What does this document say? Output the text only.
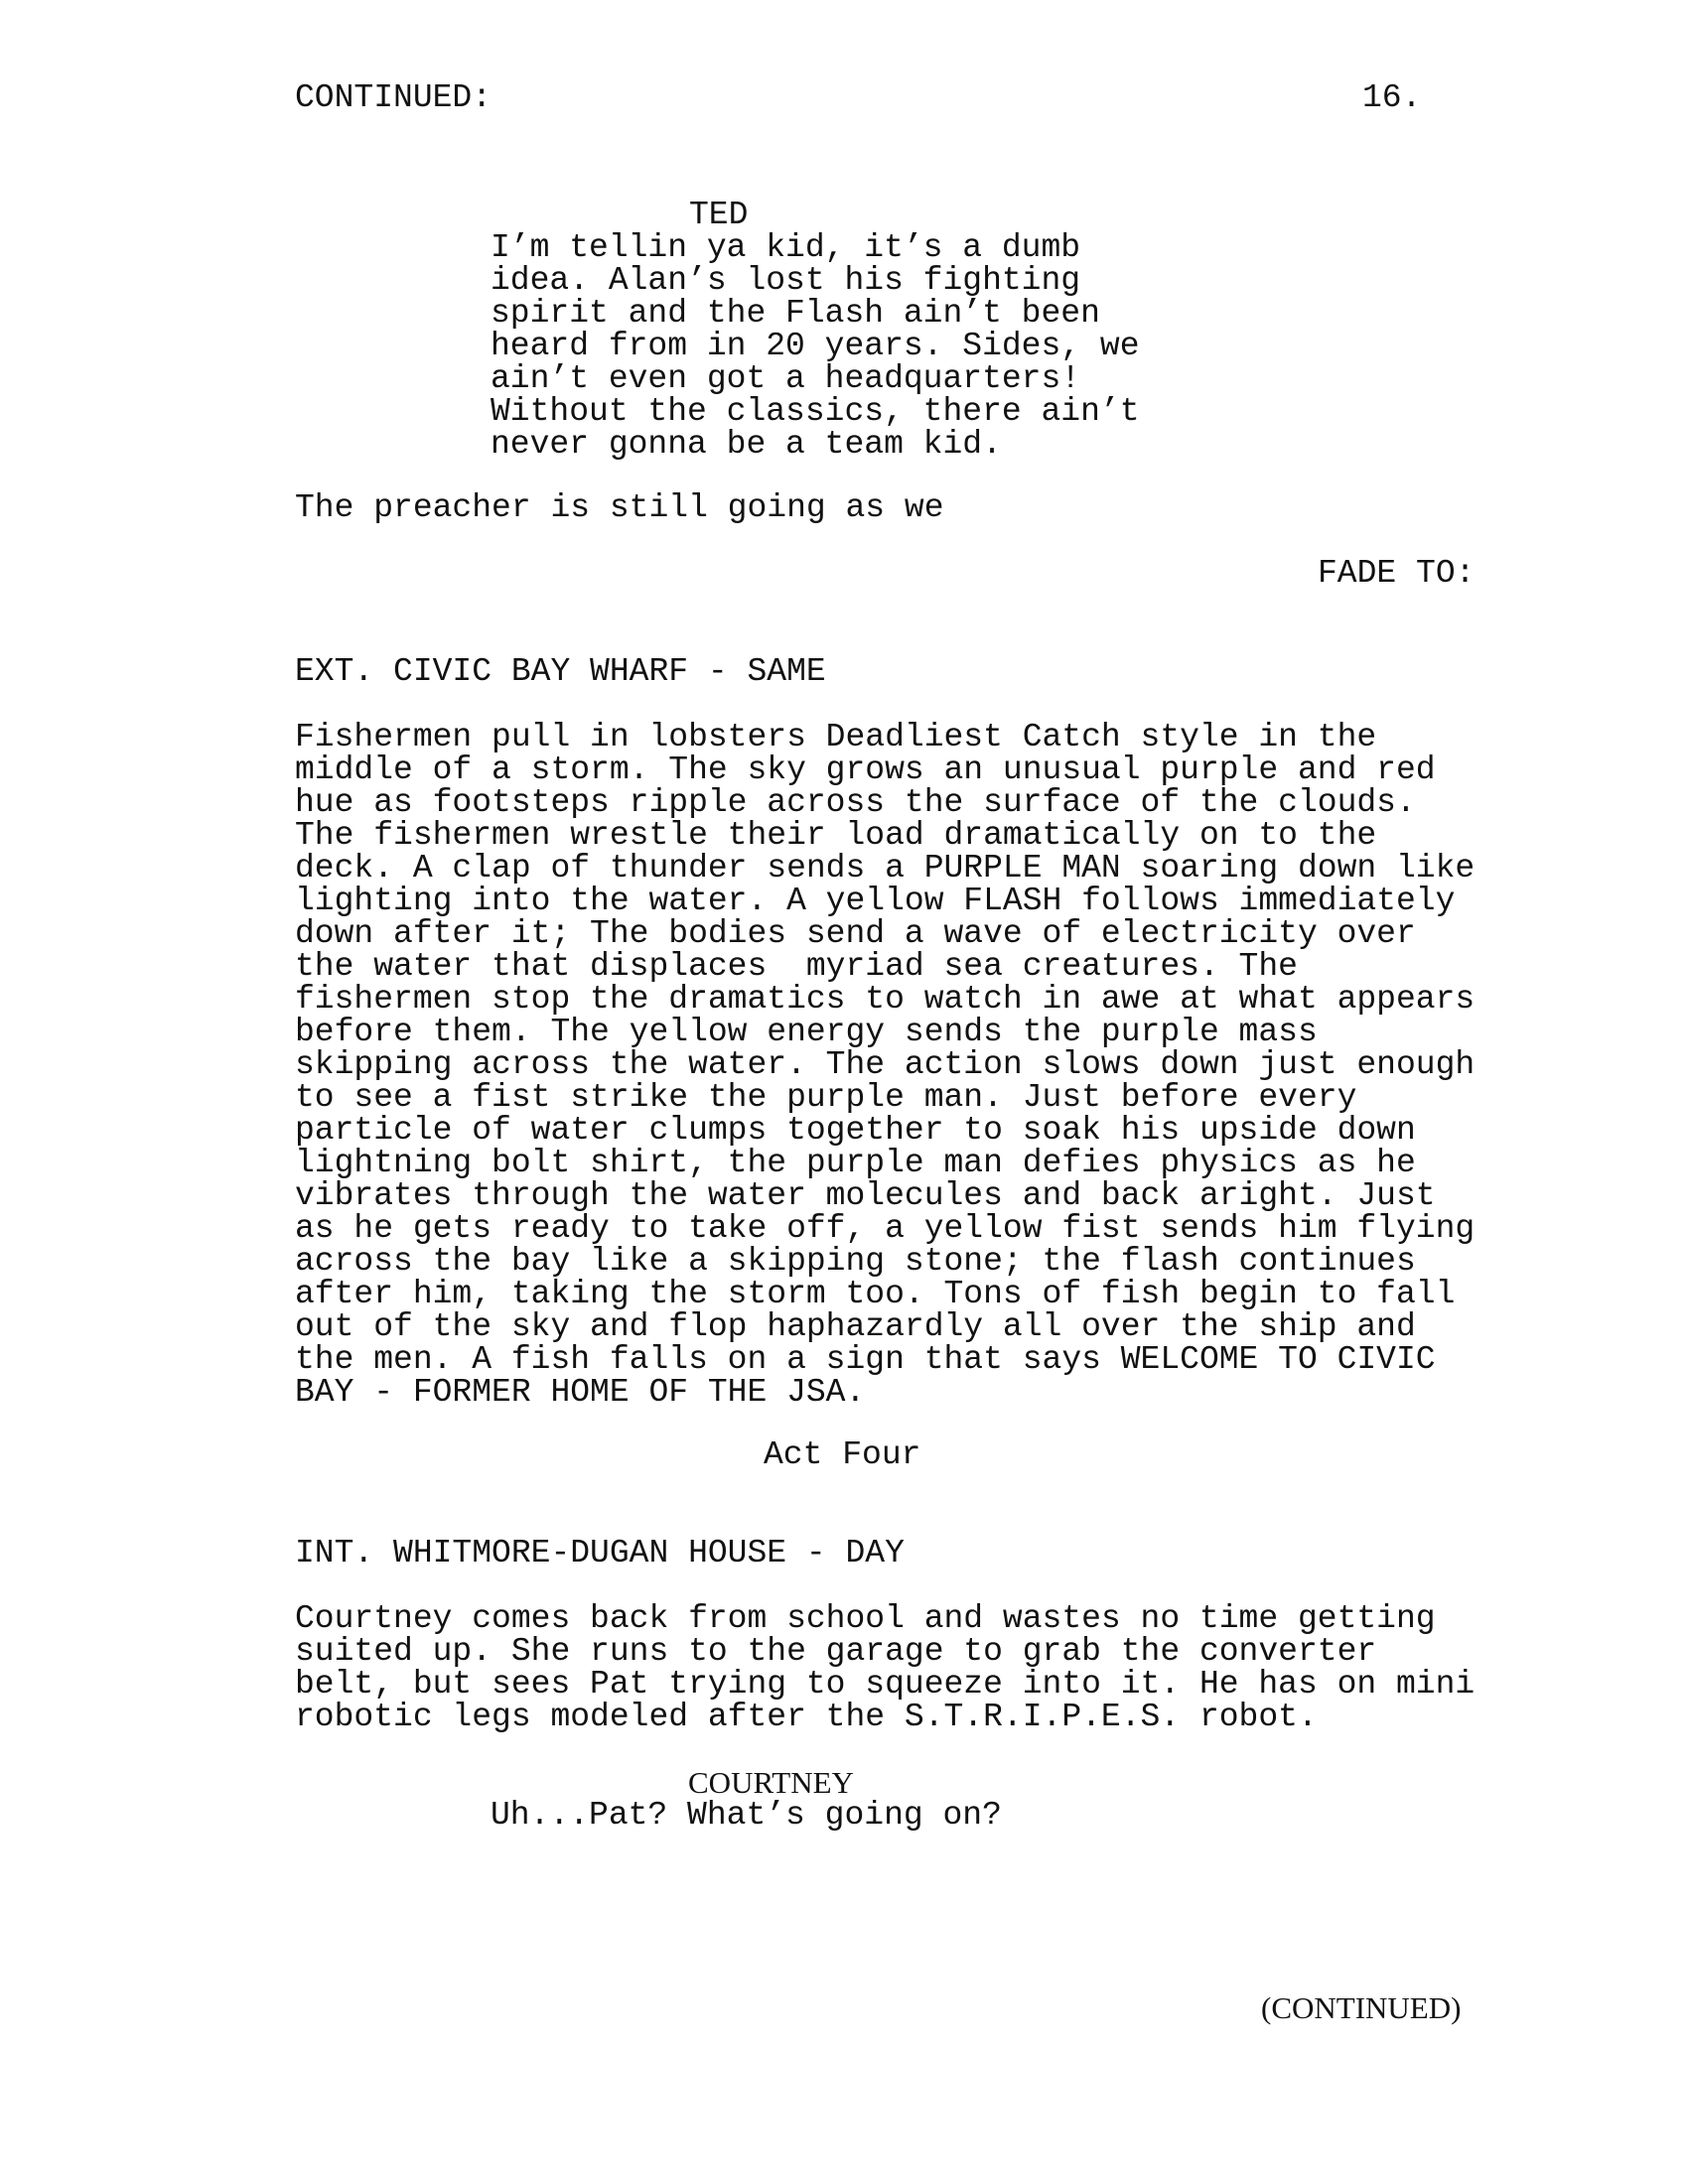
CONTINUED:	16.
TED
I’m tellin ya kid, it’s a dumb
idea. Alan’s lost his fighting
spirit and the Flash ain’t been
heard from in 20 years. Sides, we
ain’t even got a headquarters!
Without the classics, there ain’t
never gonna be a team kid.
The preacher is still going as we
FADE TO:
EXT. CIVIC BAY WHARF - SAME
Fishermen pull in lobsters Deadliest Catch style in the
middle of a storm. The sky grows an unusual purple and red
hue as footsteps ripple across the surface of the clouds.
The fishermen wrestle their load dramatically on to the
deck. A clap of thunder sends a PURPLE MAN soaring down like
lighting into the water. A yellow FLASH follows immediately
down after it; The bodies send a wave of electricity over
the water that displaces  myriad sea creatures. The
fishermen stop the dramatics to watch in awe at what appears
before them. The yellow energy sends the purple mass
skipping across the water. The action slows down just enough
to see a fist strike the purple man. Just before every
particle of water clumps together to soak his upside down
lightning bolt shirt, the purple man defies physics as he
vibrates through the water molecules and back aright. Just
as he gets ready to take off, a yellow fist sends him flying
across the bay like a skipping stone; the flash continues
after him, taking the storm too. Tons of fish begin to fall
out of the sky and flop haphazardly all over the ship and
the men. A fish falls on a sign that says WELCOME TO CIVIC
BAY - FORMER HOME OF THE JSA.
Act Four
INT. WHITMORE-DUGAN HOUSE - DAY
Courtney comes back from school and wastes no time getting
suited up. She runs to the garage to grab the converter
belt, but sees Pat trying to squeeze into it. He has on mini
robotic legs modeled after the S.T.R.I.P.E.S. robot.
COURTNEY
Uh...Pat? What’s going on?
(CONTINUED)
